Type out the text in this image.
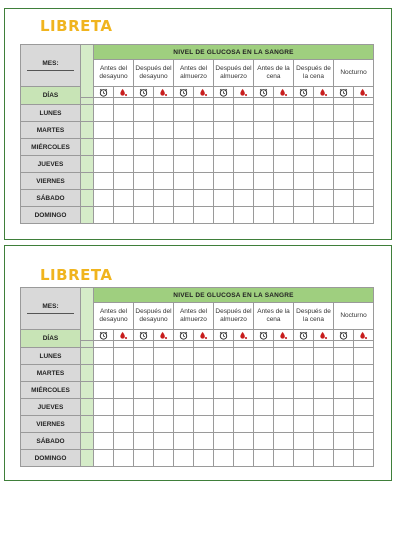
LIBRETA
MES:		NIVEL DE GLUCOSA EN LA SANGRE													
		Antes del desayuno		Después del desayuno		Antes del almuerzo		Después del almuerzo		Antes de la cena		Después de la cena		Nocturno	
DÍAS	

LUNES															
MARTES															
MIÉRCOLES															
JUEVES															
VIERNES															
SÁBADO															
DOMINGO															
LIBRETA
MES:		NIVEL DE GLUCOSA EN LA SANGRE													
		Antes del desayuno		Después del desayuno		Antes del almuerzo		Después del almuerzo		Antes de la cena		Después de la cena		Nocturno	
DÍAS	

LUNES															
MARTES															
MIÉRCOLES															
JUEVES															
VIERNES															
SÁBADO															
DOMINGO															
